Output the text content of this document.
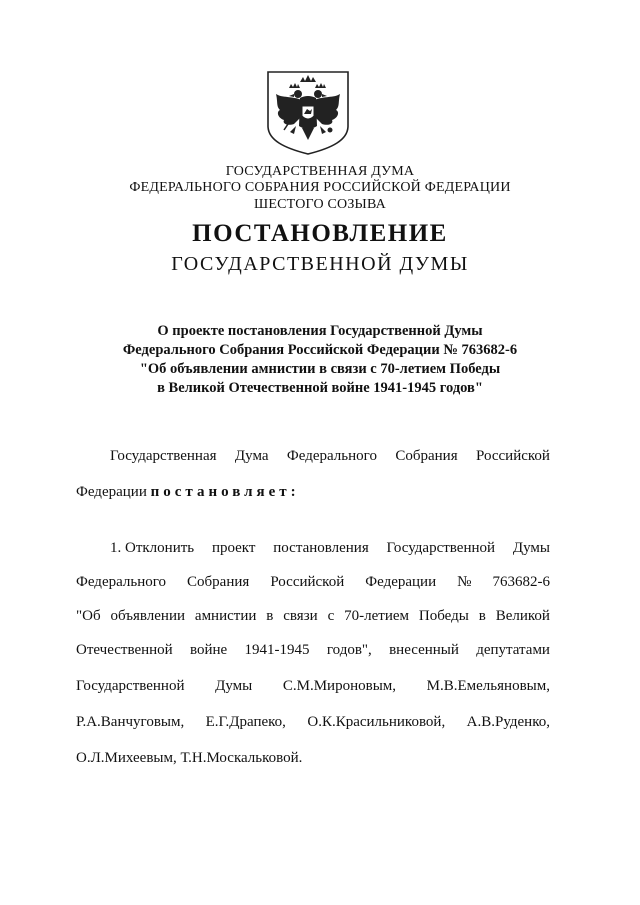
ГОСУДАРСТВЕННАЯ ДУМА
ФЕДЕРАЛЬНОГО СОБРАНИЯ РОССИЙСКОЙ ФЕДЕРАЦИИ
ШЕСТОГО СОЗЫВА
ПОСТАНОВЛЕНИЕ
ГОСУДАРСТВЕННОЙ ДУМЫ
О проекте постановления Государственной Думы
Федерального Собрания Российской Федерации № 763682-6
"Об объявлении амнистии в связи с 70-летием Победы
в Великой Отечественной войне 1941-1945 годов"
Государственная Дума Федерального Собрания Российской
Федерации постановляет:
1. Отклонить проект постановления Государственной Думы
Федерального Собрания Российской Федерации № 763682-6
"Об объявлении амнистии в связи с 70-летием Победы в Великой
Отечественной войне 1941-1945 годов", внесенный депутатами
Государственной Думы С.М.Мироновым, М.В.Емельяновым,
Р.А.Ванчуговым, Е.Г.Драпеко, О.К.Красильниковой, А.В.Руденко,
О.Л.Михеевым, Т.Н.Москальковой.
